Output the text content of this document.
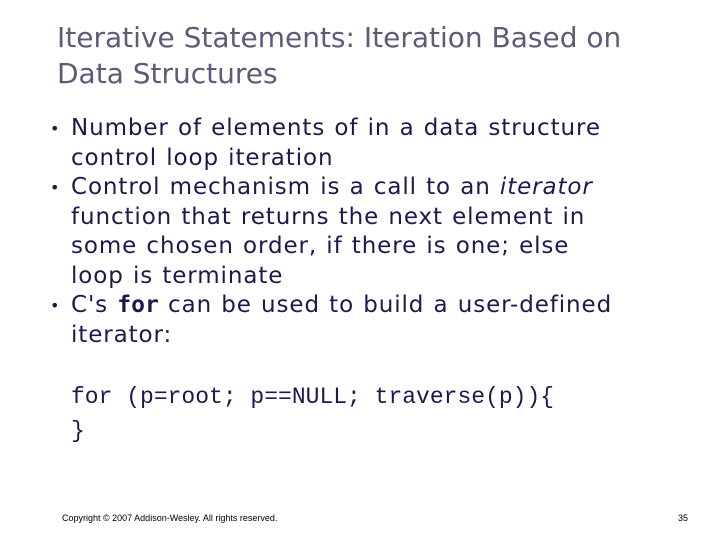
Iterative Statements: Iteration Based on
Data Structures
• Number of elements of in a data structure
control loop iteration
• Control mechanism is a call to an iterator
function that returns the next element in
some chosen order, if there is one; else
loop is terminate
• C's for can be used to build a user-defined
iterator:
for (p=root; p==NULL; traverse(p)){
}
Copyright © 2007 Addison-Wesley. All rights reserved.	35
